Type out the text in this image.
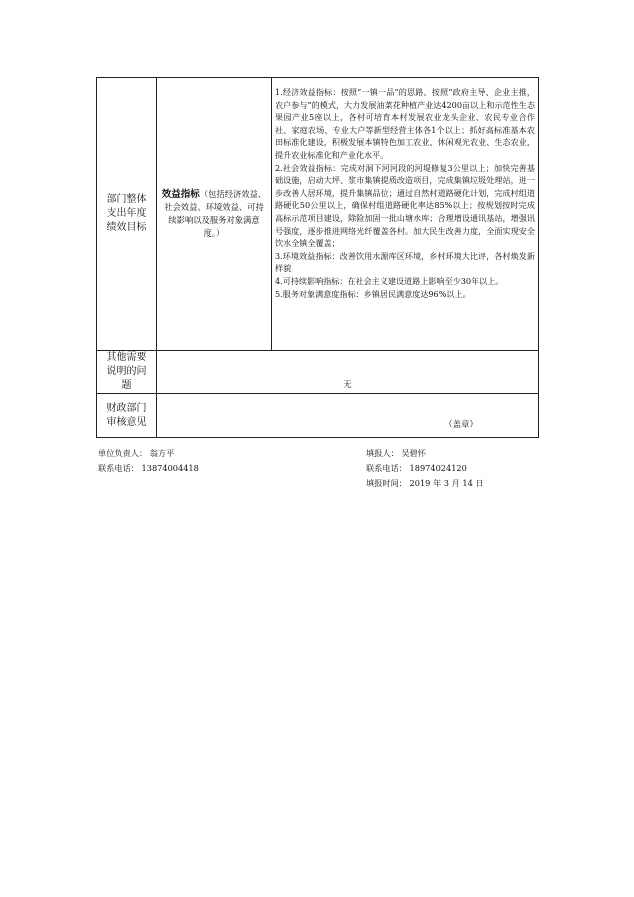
部门整体支出年度绩效目标	效益指标（包括经济效益、社会效益、环境效益、可持续影响以及服务对象满意度。）	1.经济效益指标：按照“一镇一品”的思路、按照“政府主导、企业主推，农户参与”的模式，大力发展油菜花种植产业达4200亩以上和示范性生态果园产业5座以上，各村可培育本村发展农业龙头企业、农民专业合作社、家庭农场、专业大户等新型经营主体各1个以上；抓好高标准基本农田标准化建设，积极发展本镇特色加工农业、休闲观光农业、生态农业，提升农业标准化和产业化水平。

2.社会效益指标：完成对洞下河河段的河堤修复3公里以上；加快完善基础设施，启动大坪、浆市集镇提质改造项目，完成集镇垃圾处理站，进一步改善人居环境，提升集镇品位；通过自然村道路硬化计划，完成村组道路硬化50公里以上，确保村组道路硬化率达85%以上；按规划按时完成高标示范项目建设，除险加固一批山塘水库；合理增设通讯基站，增强讯号强度，逐步推进网络光纤覆盖各村。加大民生改善力度，全面实现安全饮水全镇全覆盖；

3.环境效益指标：改善饮用水源库区环境，乡村环境大比评，各村焕发新样貌

4.可持续影响指标：在社会主义建设道路上影响至少30年以上。

5.服务对象满意度指标：乡镇居民满意度达96%以上。

其他需要说明的问题	无	
财政部门审核意见	（盖章）	
单位负责人： 翁方平
联系电话： 13874004418
填报人： 吴碧怀
联系电话： 18974024120
填报时间： 2019 年 3 月 14 日
